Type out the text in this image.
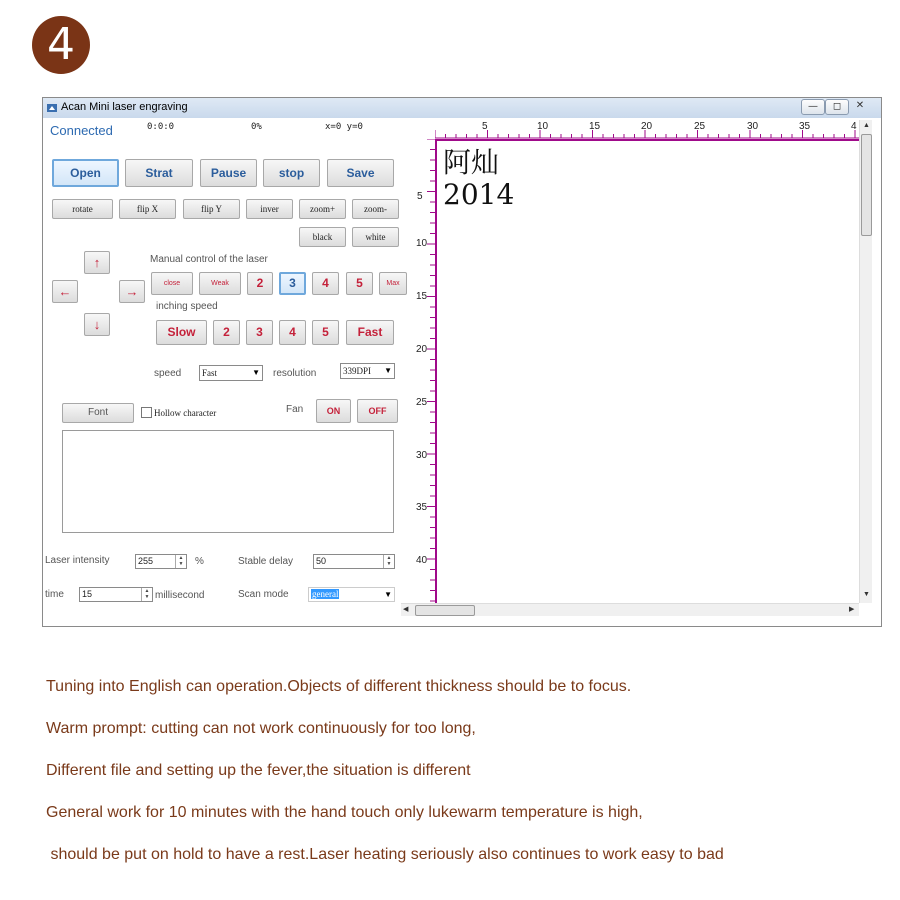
4
Acan Mini laser engraving	—	◻	✕
Connected	0:0:0	0%	x=0 y=0
Open	Strat	Pause	stop	Save
rotate	flip X	flip Y	inver	zoom+	zoom-
black	white
↑
←	→
↓
Manual control of the laser
close	Weak	2	3	4	5	Max
inching speed
Slow	2	3	4	5	Fast
speed	Fast	▼ resolution	339DPI ▼
Font	Hollow character	Fan	ON	OFF
Laser intensity	255	▲
▼ %	Stable delay	50	▲
▼
time	15	▲
▼ millisecond	Scan mode	general	▼
5	10	15	20	25	30	35	4
5
10
15
20
25
30
35
40
阿灿
2014
▲
▼
◀	▶
Tuning into English can operation.Objects of different thickness should be to focus.
Warm prompt: cutting can not work continuously for too long,
Different file and setting up the fever,the situation is different
General work for 10 minutes with the hand touch only lukewarm temperature is high,
should be put on hold to have a rest.Laser heating seriously also continues to work easy to bad
